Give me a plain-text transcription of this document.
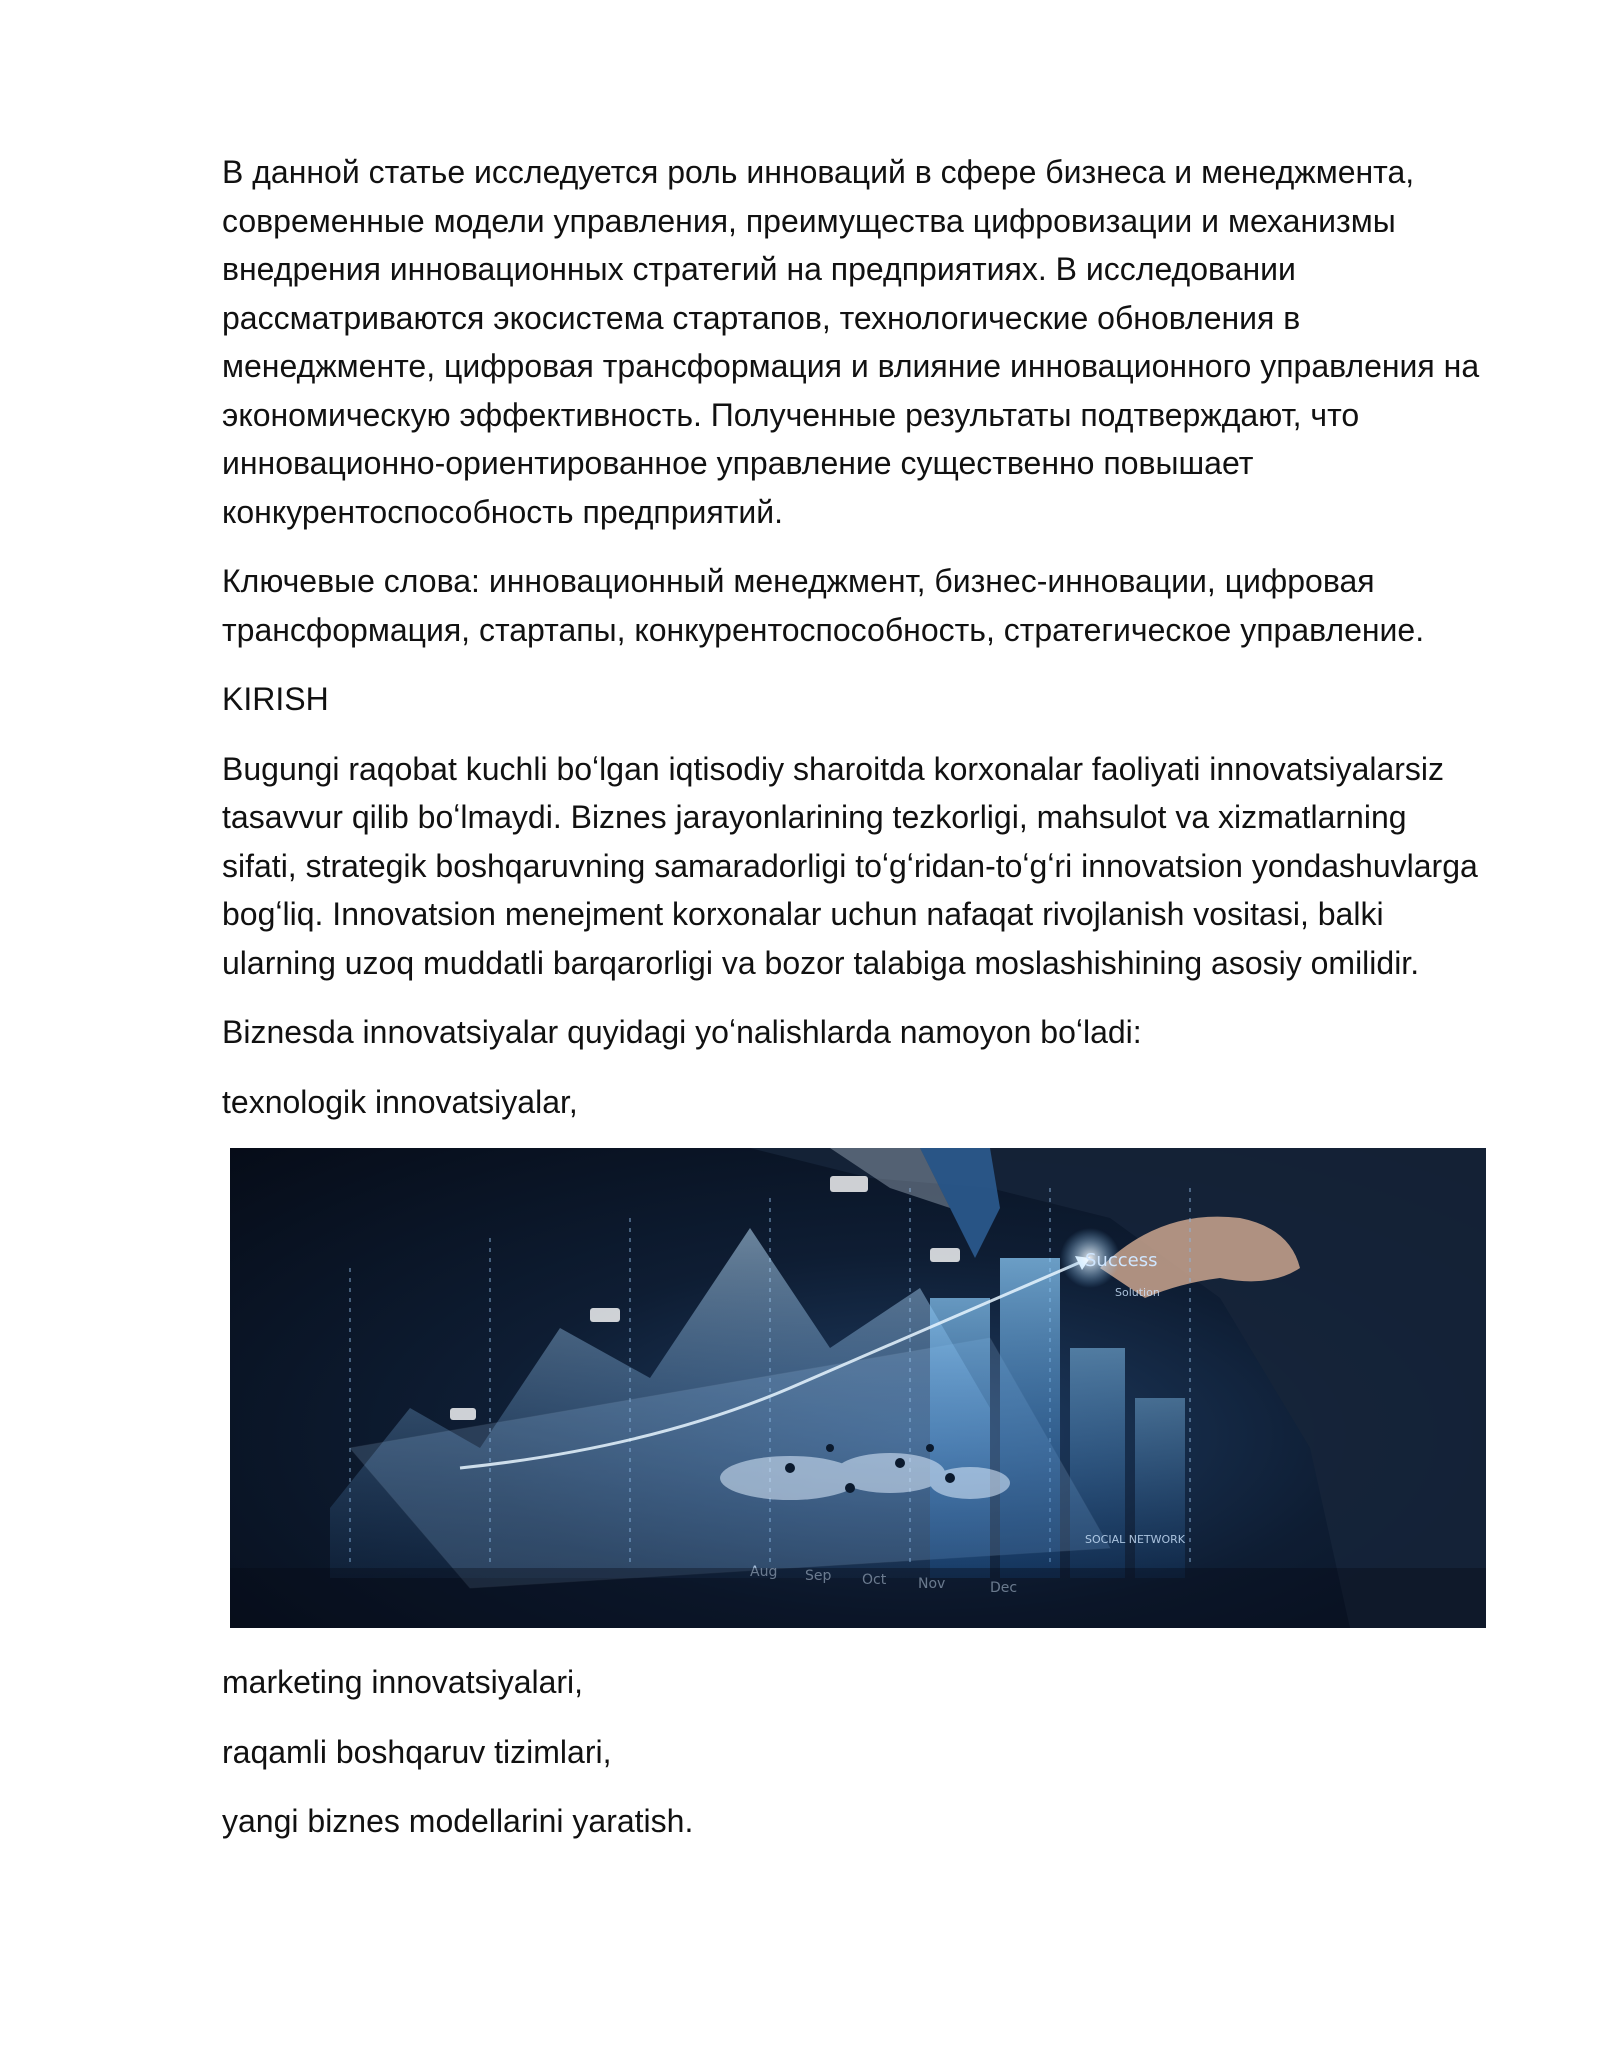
В данной статье исследуется роль инноваций в сфере бизнеса и менеджмента, современные модели управления, преимущества цифровизации и механизмы внедрения инновационных стратегий на предприятиях. В исследовании рассматриваются экосистема стартапов, технологические обновления в менеджменте, цифровая трансформация и влияние инновационного управления на экономическую эффективность. Полученные результаты подтверждают, что инновационно-ориентированное управление существенно повышает конкурентоспособность предприятий.

Ключевые слова: инновационный менеджмент, бизнес-инновации, цифровая трансформация, стартапы, конкурентоспособность, стратегическое управление.

KIRISH

Bugungi raqobat kuchli boʻlgan iqtisodiy sharoitda korxonalar faoliyati innovatsiyalarsiz tasavvur qilib boʻlmaydi. Biznes jarayonlarining tezkorligi, mahsulot va xizmatlarning sifati, strategik boshqaruvning samaradorligi toʻgʻridan-toʻgʻri innovatsion yondashuvlarga bogʻliq. Innovatsion menejment korxonalar uchun nafaqat rivojlanish vositasi, balki ularning uzoq muddatli barqarorligi va bozor talabiga moslashishining asosiy omilidir.

Biznesda innovatsiyalar quyidagi yoʻnalishlarda namoyon boʻladi:

texnologik innovatsiyalar,

Success
Solution
SOCIAL NETWORK
Aug Sep Oct Nov	Dec

marketing innovatsiyalari,

raqamli boshqaruv tizimlari,

yangi biznes modellarini yaratish.
